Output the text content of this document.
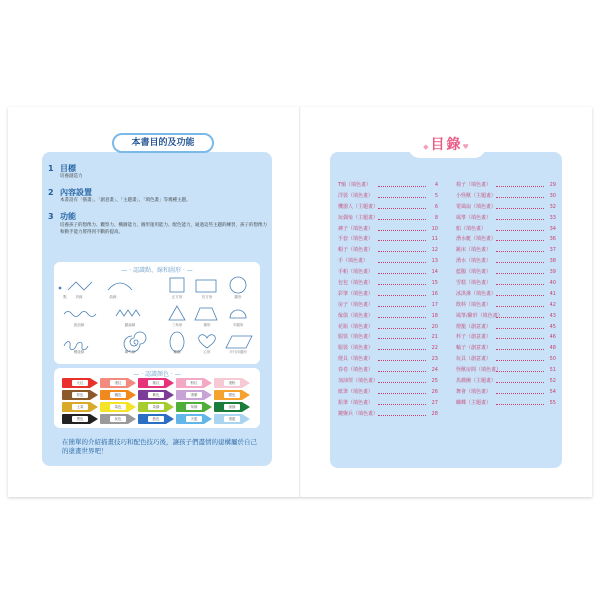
本書目的及功能
1 目標
培養創造力
2 內容設置
本書設有「描畫」、「創意畫」、「主題畫」、「填色畫」等幾種主題。
3 功能
培養孩子的想像力、觀察力、構圖能力、圖形運用能力、配色能力，通過這些主題的練習，孩子的想像力和動手能力將得到不斷的提高。
— ‧ 認識點、線和圖形 ‧ —
點	折線	曲線	正方形	長方形	圓形
波浪線	鋸齒線	三角形	梯形	半圓形
螺旋線	蝸牛線	橢圓	心形	平行四邊形
— ‧ 認識顏色 ‧ —
大紅	淺紅	桃紅	粉紅	淺粉
棕色	橘色	紫色	淺紫	橙色
土黃	黃色	黃綠	草綠	深綠
黑色	灰色	藍色	天藍	淺藍
在簡單的介紹描畫技巧和配色技巧後，讓孩子們盡情的建構屬於自己的塗畫世界吧！
◆目錄♥
T恤（填色畫）	4
洋裝（填色畫）	5
機器人（主題畫）	6
玩偶兔（主題畫）	8
褲子（填色畫）	10
手套（填色畫）	11
帽子（填色畫）	12
手（填色畫）	13
手帕（填色畫）	14
包包（填色畫）	15
彩筆（填色畫）	16
房子（填色畫）	17
傢俱（填色畫）	18
花瓶（填色畫）	20
服裝（填色畫）	21
服裝（填色畫）	22
燈具（填色畫）	23
春卷（填色畫）	24
加油票（填色畫）	25
紙筆（填色畫）	26
鉛筆（填色畫）	27
鍵盤兵（填色畫）	28
椅子（填色畫）	29
小怪獸（主題畫）	30
電風扇（填色畫）	32
風箏（填色畫）	33
船（填色畫）	34
潛水艇（填色畫）	36
跳床（填色畫）	37
潛水（填色畫）	38
藍鵝（填色畫）	39
雪糕（填色畫）	40
冰淇淋（填色畫）	41
飲料（填色畫）	42
風箏/雞形（填色畫）	43
燈籠（創意畫）	45
杯子（創意畫）	46
輪子（創意畫）	48
玩具（創意畫）	50
怪獸房間（填色畫）	51
馬戲團（主題畫）	52
舞會（填色畫）	54
蝴蝶（主題畫）	55
